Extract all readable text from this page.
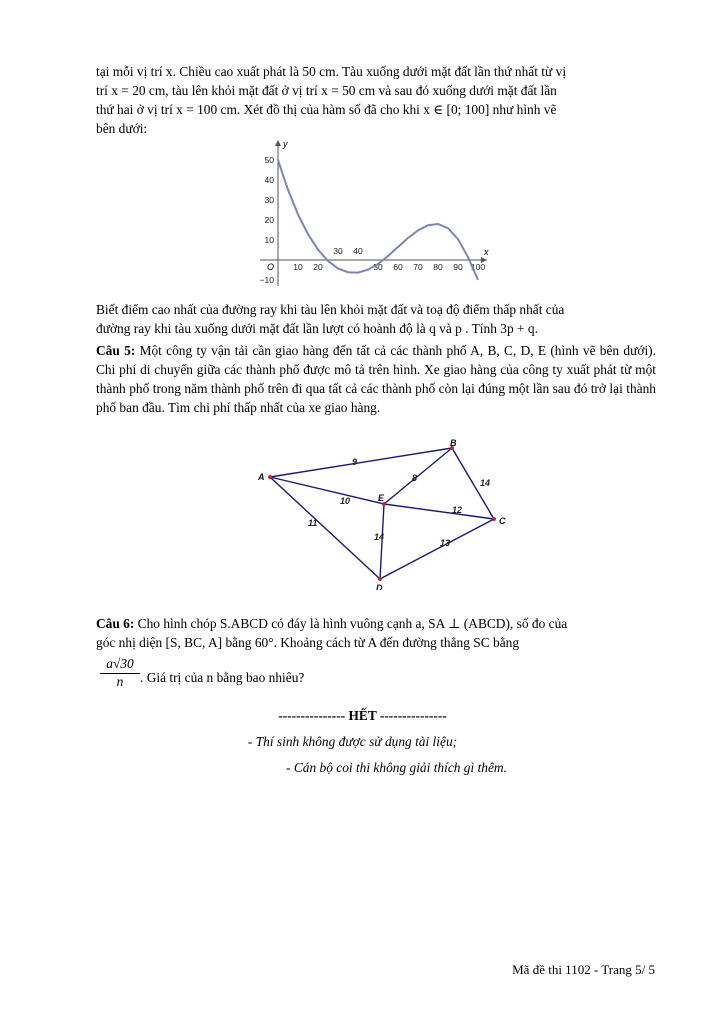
tại mỗi vị trí x. Chiều cao xuất phát là 50 cm. Tàu xuống dưới mặt đất lần thứ nhất từ vị
trí x = 20 cm, tàu lên khỏi mặt đất ở vị trí x = 50 cm và sau đó xuống dưới mặt đất lần
thứ hai ở vị trí x = 100 cm. Xét đồ thị của hàm số đã cho khi x ∈ [0; 100] như hình vẽ
bên dưới:
x
y
O 10 20	50 60 70 80 90 100
30 40
50
40
30
20
10
−10
Biết điểm cao nhất của đường ray khi tàu lên khỏi mặt đất và toạ độ điểm thấp nhất của
đường ray khi tàu xuống dưới mặt đất lần lượt có hoành độ là q và p . Tính 3p + q.
Câu 5: Một công ty vận tải cần giao hàng đến tất cả các thành phố A, B, C, D, E (hình vẽ bên dưới). Chi phí di chuyển giữa các thành phố được mô tả trên hình. Xe giao hàng của công ty xuất phát từ một thành phố trong năm thành phố trên đi qua tất cả các thành phố còn lại đúng một lần sau đó trở lại thành phố ban đầu. Tìm chi phí thấp nhất của xe giao hàng.
9
8	14
10
12
11
14
13
A
B
C
D
E
Câu 6: Cho hình chóp S.ABCD có đáy là hình vuông cạnh a, SA ⊥ (ABCD), số đo của
góc nhị diện [S, BC, A] bằng 60°. Khoảng cách từ A đến đường thẳng SC bằng
$\frac{a√30}{n}$ . Giá trị của n bằng bao nhiêu?
--------------- HẾT ---------------
- Thí sinh không được sử dụng tài liệu;
- Cán bộ coi thi không giải thích gì thêm.
Mã đề thi 1102 - Trang 5/ 5
